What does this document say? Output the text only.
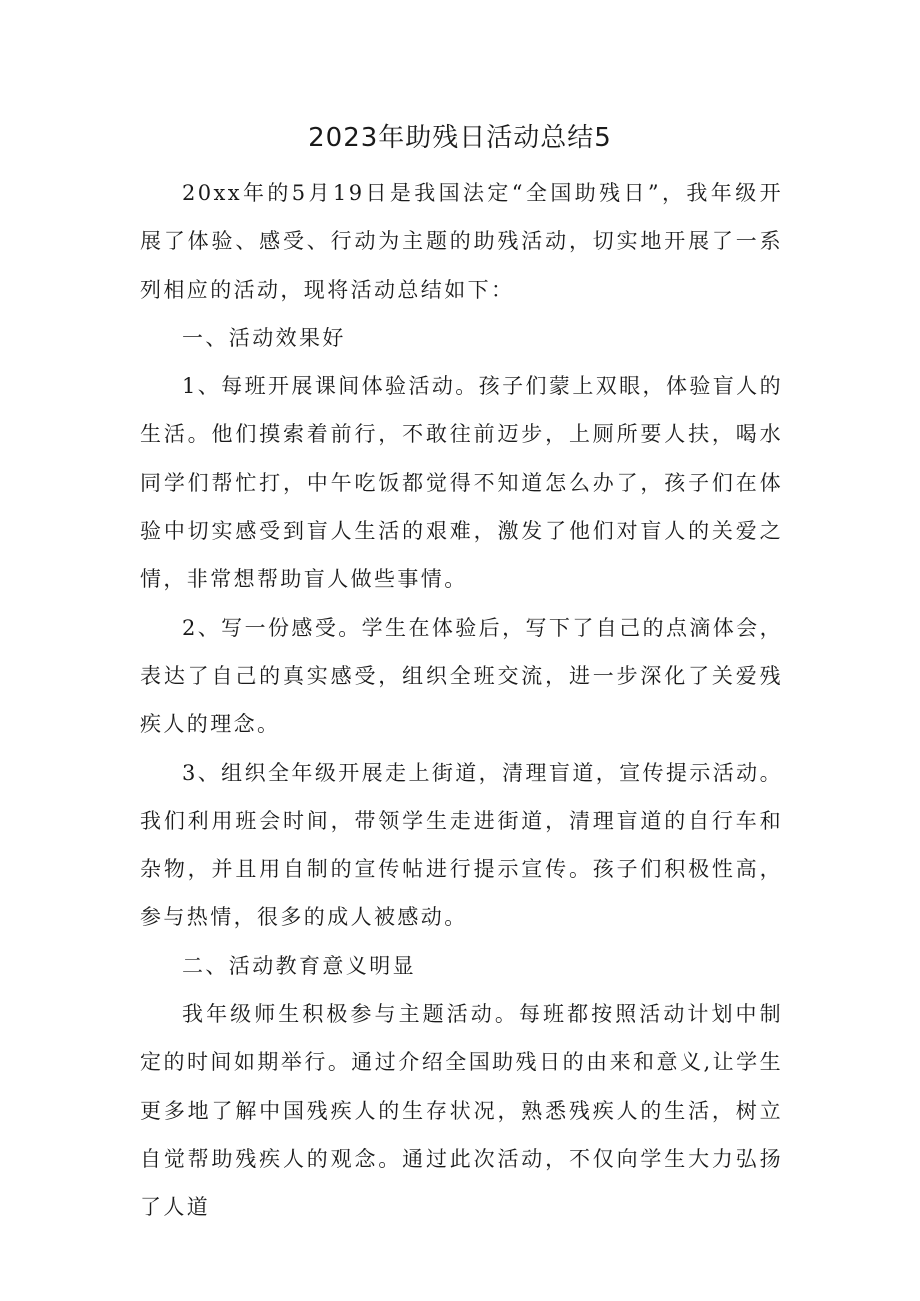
2023年助残日活动总结5

20xx年的5月19日是我国法定“全国助残日”，我年级开展了体验、感受、行动为主题的助残活动，切实地开展了一系列相应的活动，现将活动总结如下：

一、活动效果好

1、每班开展课间体验活动。孩子们蒙上双眼，体验盲人的生活。他们摸索着前行，不敢往前迈步，上厕所要人扶，喝水同学们帮忙打，中午吃饭都觉得不知道怎么办了，孩子们在体验中切实感受到盲人生活的艰难，激发了他们对盲人的关爱之情，非常想帮助盲人做些事情。

2、写一份感受。学生在体验后，写下了自己的点滴体会，表达了自己的真实感受，组织全班交流，进一步深化了关爱残疾人的理念。

3、组织全年级开展走上街道，清理盲道，宣传提示活动。我们利用班会时间，带领学生走进街道，清理盲道的自行车和杂物，并且用自制的宣传帖进行提示宣传。孩子们积极性高，参与热情，很多的成人被感动。

二、活动教育意义明显

我年级师生积极参与主题活动。每班都按照活动计划中制定的时间如期举行。通过介绍全国助残日的由来和意义,让学生更多地了解中国残疾人的生存状况，熟悉残疾人的生活，树立自觉帮助残疾人的观念。通过此次活动，不仅向学生大力弘扬了人道
